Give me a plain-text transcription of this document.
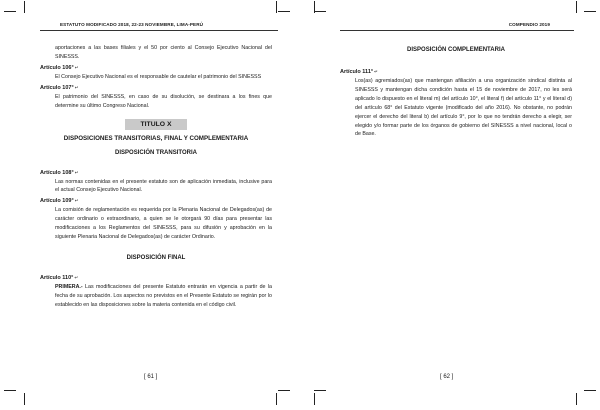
ESTATUTO MODIFICADO 2018, 22-23 NOVIEMBRE, LIMA-PERÚ

aportaciones a las bases filiales y el 50 por ciento al Consejo Ejecutivo Nacional del SINESSS.

Artículo 106°↵

El Consejo Ejecutivo Nacional es el responsable de cautelar el patrimonio del SINESSS

Artículo 107°↵

El patrimonio del SINESSS, en caso de su disolución, se destinara a los fines que determine su último Congreso Nacional.

TITULO X
DISPOSICIONES TRANSITORIAS, FINAL Y COMPLEMENTARIA
DISPOSICIÓN TRANSITORIA
Artículo 108°↵

Las normas contenidas en el presente estatuto son de aplicación inmediata, inclusive para el actual Consejo Ejecutivo Nacional.

Artículo 109°↵

La comisión de reglamentación es requerida por la Plenaria Nacional de Delegados(as) de carácter ordinario o extraordinario, a quien se le otorgará 90 días para presentar las modificaciones a los Reglamentos del SINESSS, para su difusión y aprobación en la siguiente Plenaria Nacional de Delegados(as) de carácter Ordinario.

DISPOSICIÓN FINAL
Artículo 110°↵

PRIMERA.- Las modificaciones del presente Estatuto entrarán en vigencia a partir de la fecha de su aprobación. Los aspectos no previstos en el Presente Estatuto se regirán por lo establecido en las disposiciones sobre la materia contenida en el código civil.

[ 61 ]
COMPENDIO 2019
DISPOSICIÓN COMPLEMENTARIA
Artículo 111°↵

Los(as) agremiados(as) que mantengan afiliación a una organización sindical distinta al SINESSS y mantengan dicha condición hasta el 15 de noviembre de 2017, no les será aplicado lo dispuesto en el literal m) del artículo 10°, el literal f) del artículo 11° y el literal d) del artículo 68° del Estatuto vigente (modificado del año 2016). No obstante, no podrán ejercer el derecho del literal b) del artículo 9°, por lo que no tendrán derecho a elegir, ser elegido y/o formar parte de los órganos de gobierno del SINESSS a nivel nacional, local o de Base.

[ 62 ]
